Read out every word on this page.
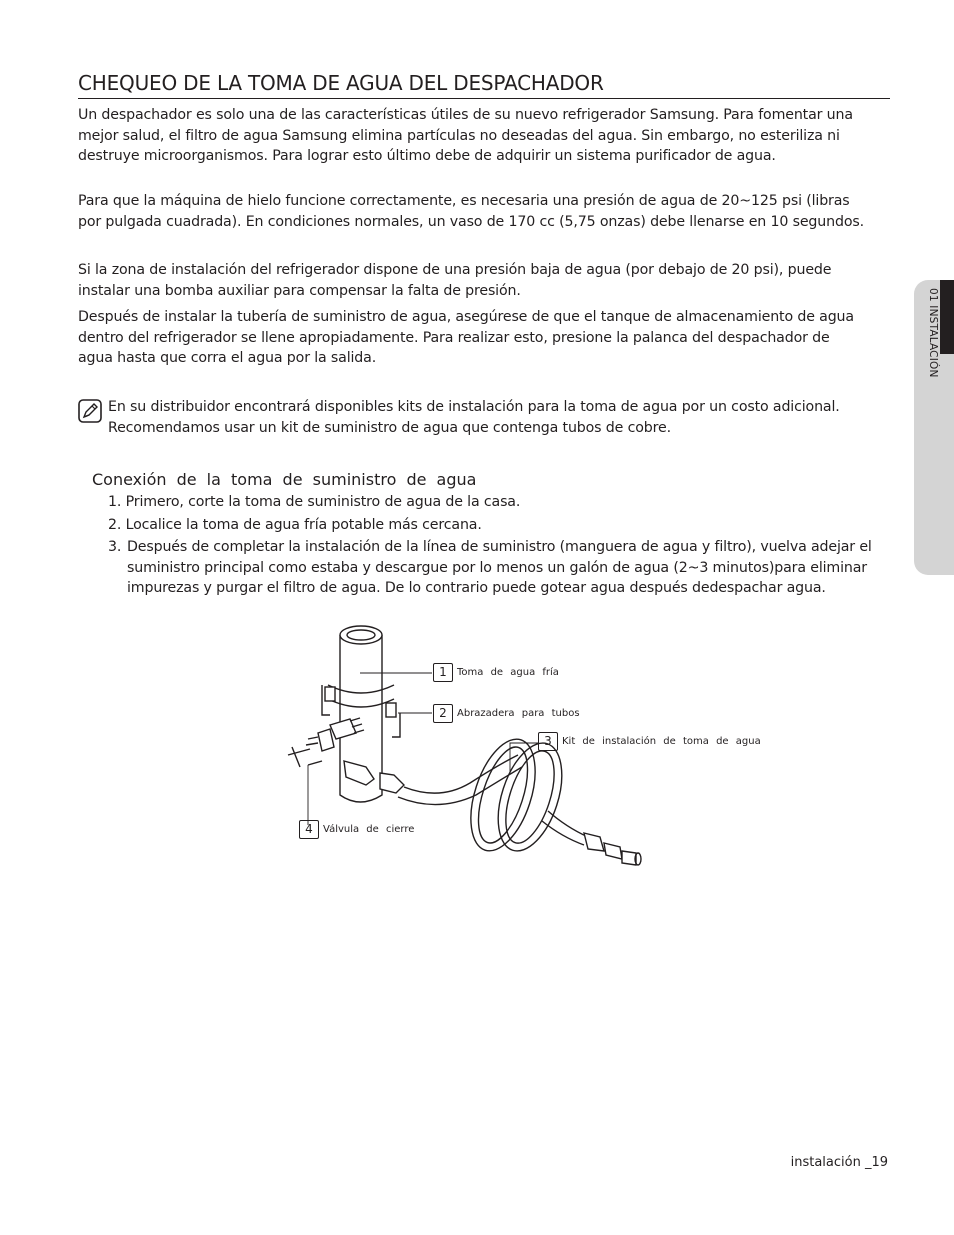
CHEQUEO DE LA TOMA DE AGUA DEL DESPACHADOR

Un despachador es solo una de las características útiles de su nuevo refrigerador Samsung. Para fomentar una mejor salud, el filtro de agua Samsung elimina partículas no deseadas del agua. Sin embargo, no esteriliza ni destruye microorganismos. Para lograr esto último debe de adquirir un sistema purificador de agua.

Para que la máquina de hielo funcione correctamente, es necesaria una presión de agua de 20~125 psi (libras por pulgada cuadrada). En condiciones normales, un vaso de 170 cc (5,75 onzas) debe llenarse en 10 segundos.

Si la zona de instalación del refrigerador dispone de una presión baja de agua (por debajo de 20 psi), puede instalar una bomba auxiliar para compensar la falta de presión.

Después de instalar la tubería de suministro de agua, asegúrese de que el tanque de almacenamiento de agua dentro del refrigerador se llene apropiadamente. Para realizar esto, presione la palanca del despachador de agua hasta que corra el agua por la salida.

En su distribuidor encontrará disponibles kits de instalación para la toma de agua por un costo adicional. Recomendamos usar un kit de suministro de agua que contenga tubos de cobre.

Conexión de la toma de suministro de agua
1. Primero, corte la toma de suministro de agua de la casa.
2. Localice la toma de agua fría potable más cercana.
3. Después de completar la instalación de la línea de suministro (manguera de agua y filtro), vuelva adejar el suministro principal como estaba y descargue por lo menos un galón de agua (2~3 minutos)para eliminar impurezas y purgar el filtro de agua. De lo contrario puede gotear agua después dedespachar agua.
1	Toma de agua fría
2	Abrazadera para tubos
3	Kit de instalación de toma de agua
4	Válvula de cierre
01 INSTALACIÓN
instalación _19
